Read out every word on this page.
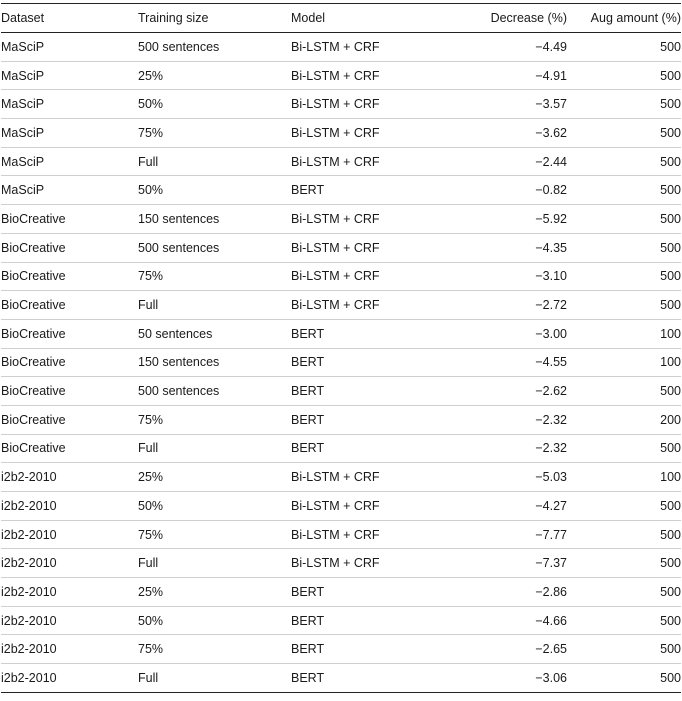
Dataset	Training size	Model	Decrease (%)	Aug amount (%)
MaSciP	500 sentences	Bi-LSTM + CRF	−4.49	500
MaSciP	25%	Bi-LSTM + CRF	−4.91	500
MaSciP	50%	Bi-LSTM + CRF	−3.57	500
MaSciP	75%	Bi-LSTM + CRF	−3.62	500
MaSciP	Full	Bi-LSTM + CRF	−2.44	500
MaSciP	50%	BERT	−0.82	500
BioCreative	150 sentences	Bi-LSTM + CRF	−5.92	500
BioCreative	500 sentences	Bi-LSTM + CRF	−4.35	500
BioCreative	75%	Bi-LSTM + CRF	−3.10	500
BioCreative	Full	Bi-LSTM + CRF	−2.72	500
BioCreative	50 sentences	BERT	−3.00	100
BioCreative	150 sentences	BERT	−4.55	100
BioCreative	500 sentences	BERT	−2.62	500
BioCreative	75%	BERT	−2.32	200
BioCreative	Full	BERT	−2.32	500
i2b2-2010	25%	Bi-LSTM + CRF	−5.03	100
i2b2-2010	50%	Bi-LSTM + CRF	−4.27	500
i2b2-2010	75%	Bi-LSTM + CRF	−7.77	500
i2b2-2010	Full	Bi-LSTM + CRF	−7.37	500
i2b2-2010	25%	BERT	−2.86	500
i2b2-2010	50%	BERT	−4.66	500
i2b2-2010	75%	BERT	−2.65	500
i2b2-2010	Full	BERT	−3.06	500
